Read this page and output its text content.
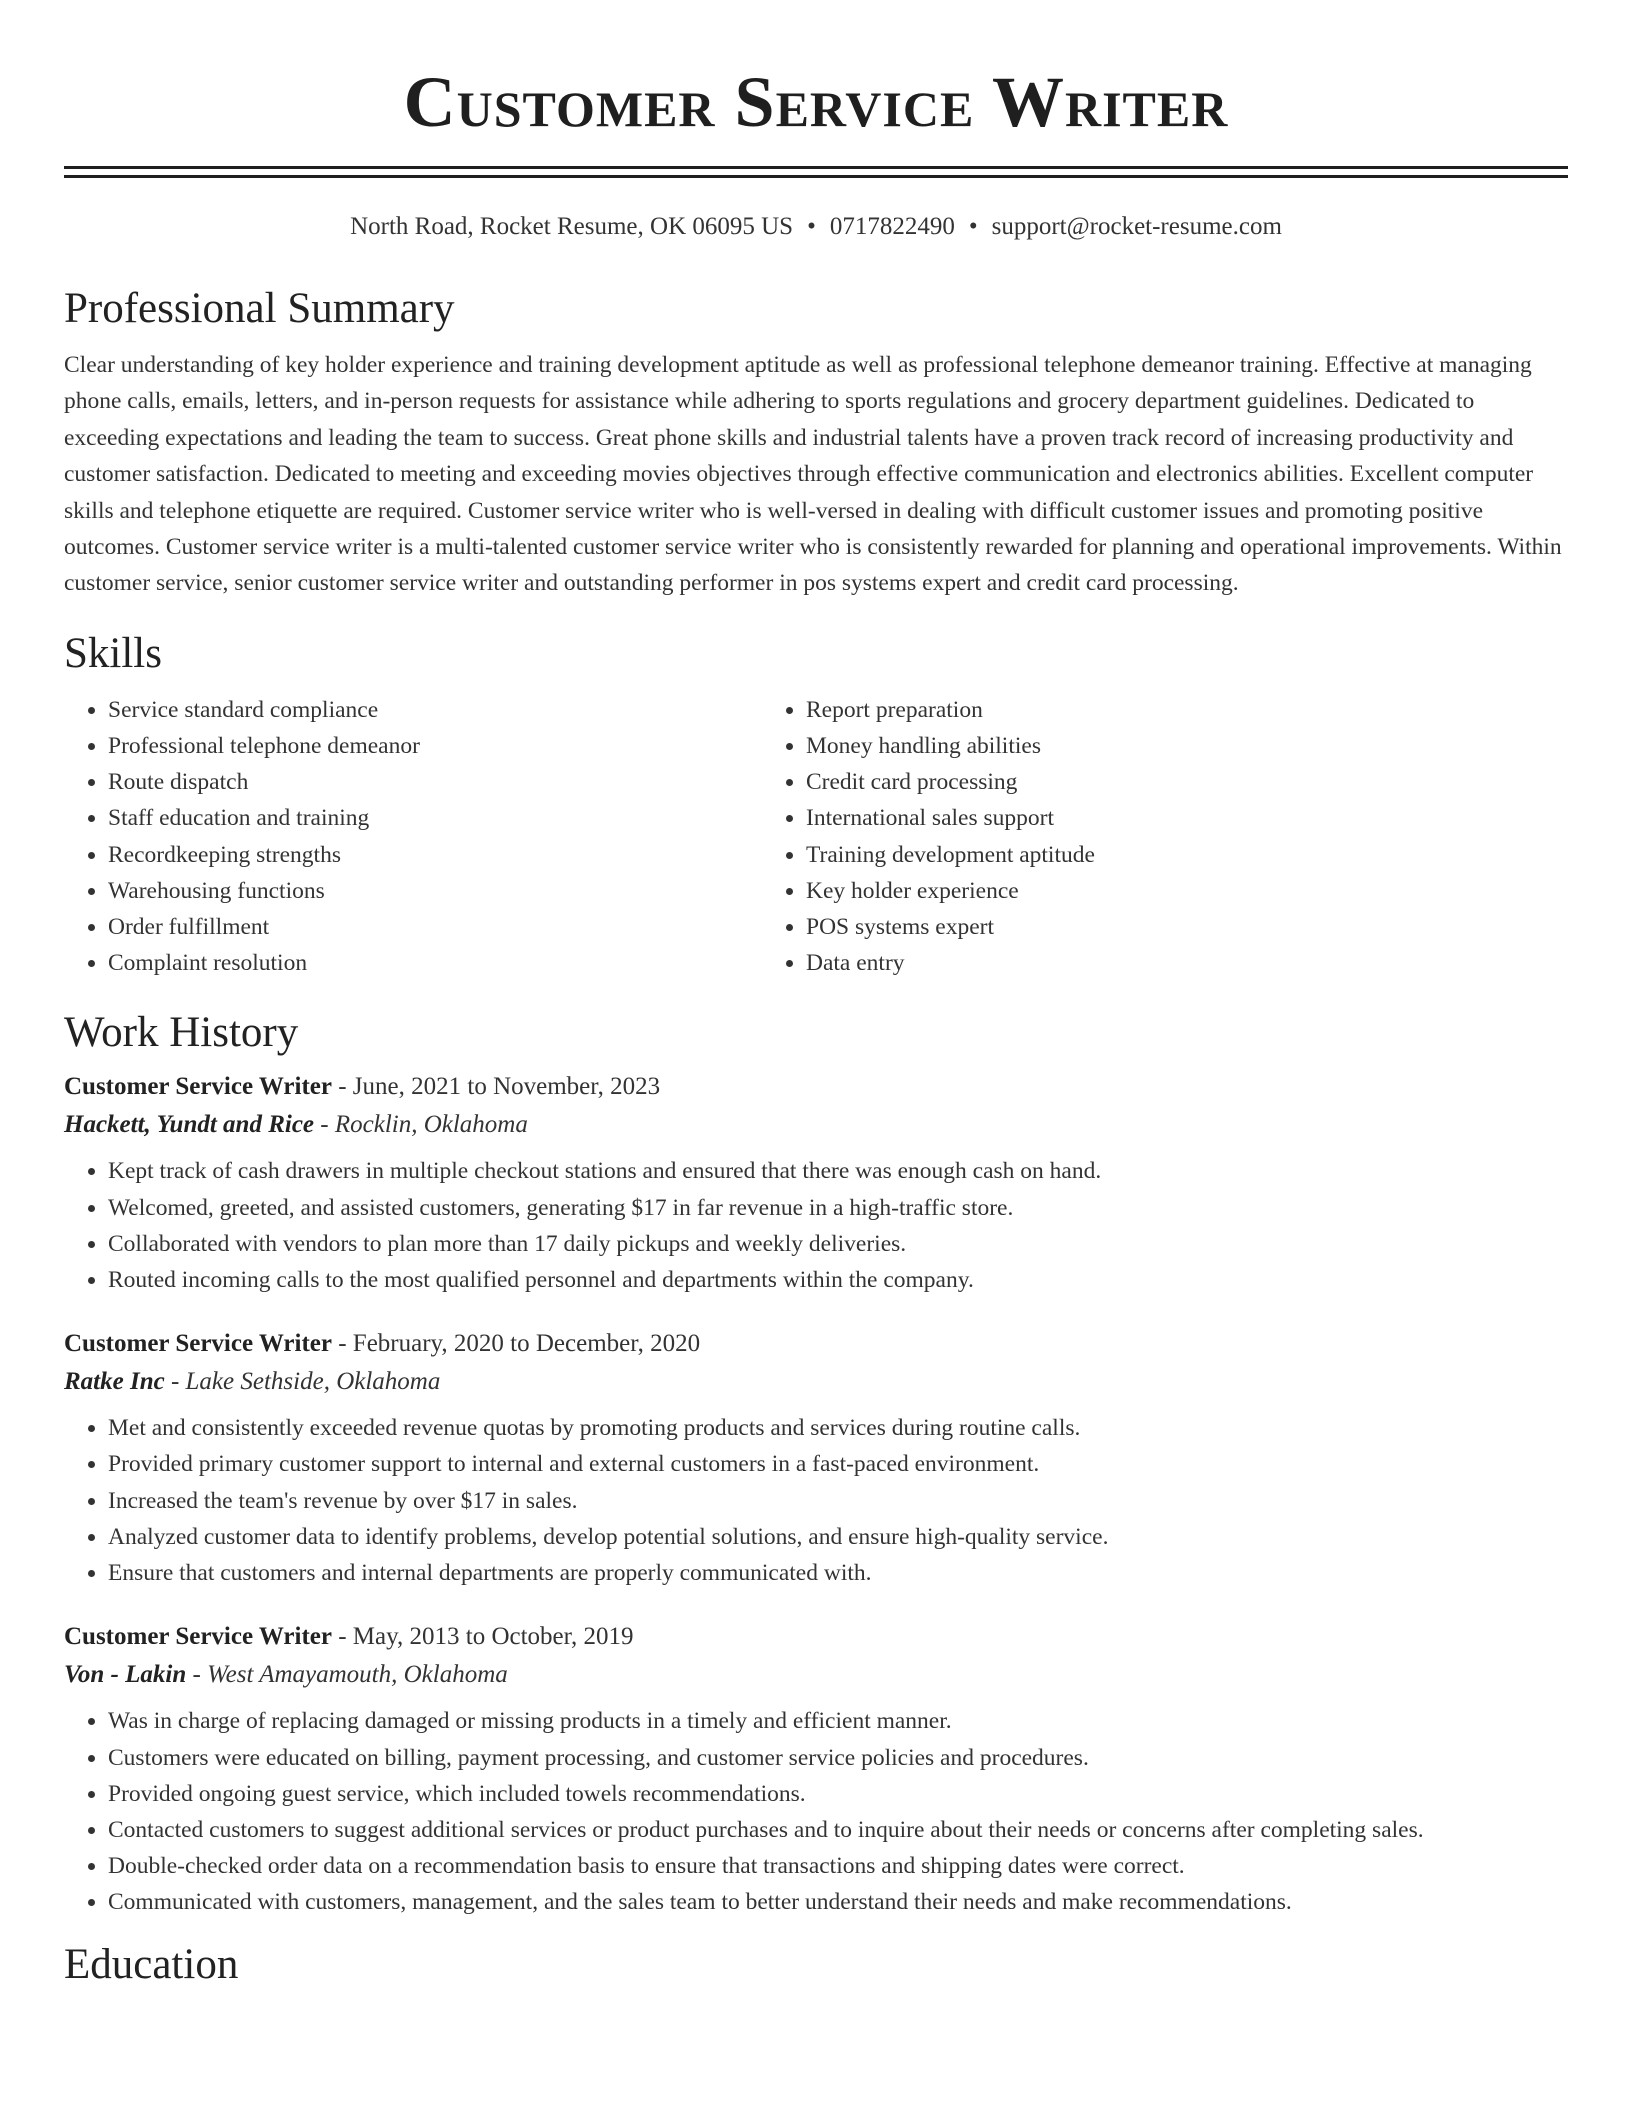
Customer Service Writer
North Road, Rocket Resume, OK 06095 US • 0717822490 • support@rocket-resume.com
Professional Summary

Clear understanding of key holder experience and training development aptitude as well as professional telephone demeanor training. Effective at managing phone calls, emails, letters, and in-person requests for assistance while adhering to sports regulations and grocery department guidelines. Dedicated to exceeding expectations and leading the team to success. Great phone skills and industrial talents have a proven track record of increasing productivity and customer satisfaction. Dedicated to meeting and exceeding movies objectives through effective communication and electronics abilities. Excellent computer skills and telephone etiquette are required. Customer service writer who is well-versed in dealing with difficult customer issues and promoting positive outcomes. Customer service writer is a multi-talented customer service writer who is consistently rewarded for planning and operational improvements. Within customer service, senior customer service writer and outstanding performer in pos systems expert and credit card processing.

Skills
• Service standard compliance
• Professional telephone demeanor
• Route dispatch
• Staff education and training
• Recordkeeping strengths
• Warehousing functions
• Order fulfillment
• Complaint resolution
• Report preparation
• Money handling abilities
• Credit card processing
• International sales support
• Training development aptitude
• Key holder experience
• POS systems expert
• Data entry
Work History
Customer Service Writer - June, 2021 to November, 2023
Hackett, Yundt and Rice - Rocklin, Oklahoma
• Kept track of cash drawers in multiple checkout stations and ensured that there was enough cash on hand.
• Welcomed, greeted, and assisted customers, generating $17 in far revenue in a high-traffic store.
• Collaborated with vendors to plan more than 17 daily pickups and weekly deliveries.
• Routed incoming calls to the most qualified personnel and departments within the company.
Customer Service Writer - February, 2020 to December, 2020
Ratke Inc - Lake Sethside, Oklahoma
• Met and consistently exceeded revenue quotas by promoting products and services during routine calls.
• Provided primary customer support to internal and external customers in a fast-paced environment.
• Increased the team's revenue by over $17 in sales.
• Analyzed customer data to identify problems, develop potential solutions, and ensure high-quality service.
• Ensure that customers and internal departments are properly communicated with.
Customer Service Writer - May, 2013 to October, 2019
Von - Lakin - West Amayamouth, Oklahoma
• Was in charge of replacing damaged or missing products in a timely and efficient manner.
• Customers were educated on billing, payment processing, and customer service policies and procedures.
• Provided ongoing guest service, which included towels recommendations.
• Contacted customers to suggest additional services or product purchases and to inquire about their needs or concerns after completing sales.
• Double-checked order data on a recommendation basis to ensure that transactions and shipping dates were correct.
• Communicated with customers, management, and the sales team to better understand their needs and make recommendations.
Education
